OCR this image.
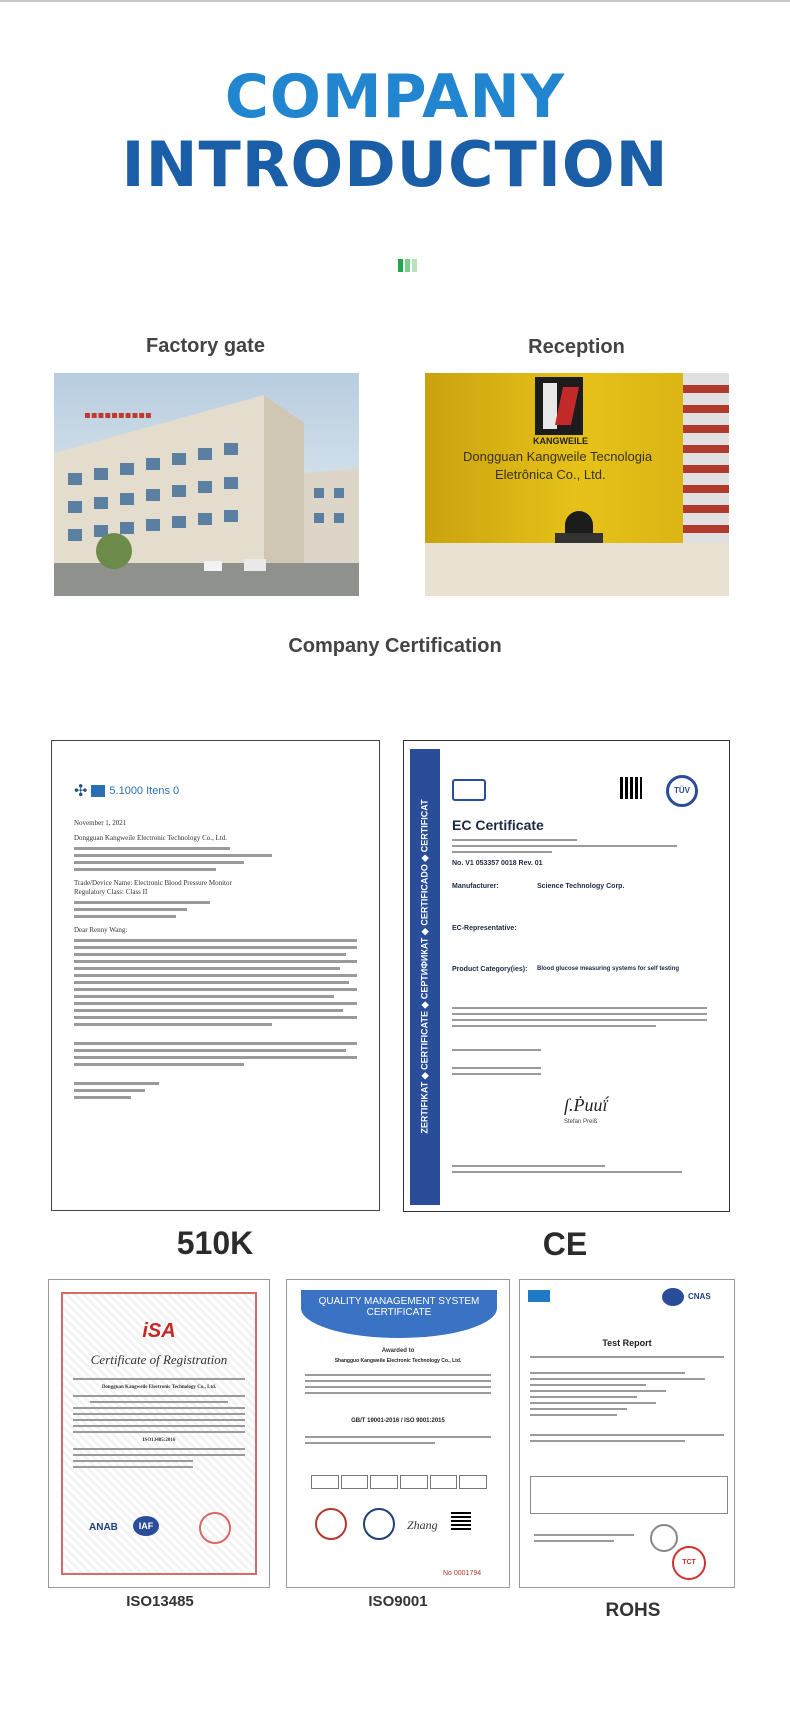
COMPANY
INTRODUCTION
Factory gate	Reception
▪▪▪▪▪▪▪▪▪▪
KANGWEILE
Dongguan Kangweile Tecnologia
Eletrônica Co., Ltd.
Company Certification
✣ 5.1000 Itens 0
November 1, 2021
Dongguan Kangweile Electronic Technology Co., Ltd.
Trade/Device Name: Electronic Blood Pressure Monitor
Regulatory Class: Class II
Dear Renny Wang:
510K
ZERTIFIKAT ◆ CERTIFICATE ◆ СЕРТИФИКАТ ◆ CERTIFICADO ◆ CERTIFICAT
TÜV
EC Certificate
No. V1 053357 0018 Rev. 01
Manufacturer:	Science Technology Corp.
EC-Representative:
Product Category(ies): Blood glucose measuring systems for self testing
ſ.Ṗuuḯ
Stefan Preiß
CE
iSA
Certificate of Registration
Dongguan Kangweile Electronic Technology Co., Ltd.
ISO13485:2016
ANAB	IAF
ISO13485
QUALITY MANAGEMENT SYSTEM CERTIFICATE
Awarded to
Shangguo Kangweile Electronic Technology Co., Ltd.
GB/T 19001-2016 / ISO 9001:2015
Zhang
No 0001794
ISO9001
CNAS
Test Report
TCT
ROHS
